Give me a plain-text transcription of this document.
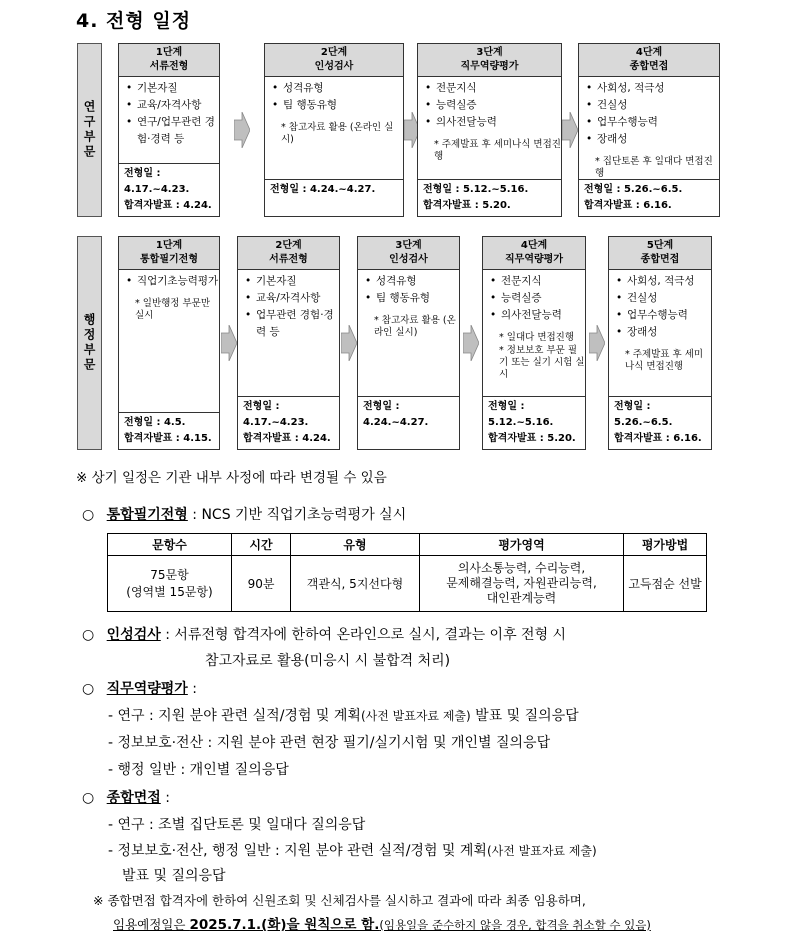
4. 전형 일정
연구부문
행정부문
1단계
서류전형
• 기본자질
• 교육/자격사항
• 연구/업무관련 경험·경력 등
전형일 : 4.17.~4.23.
합격자발표 : 4.24.
2단계
인성검사
• 성격유형
• 팀 행동유형
* 참고자료 활용 (온라인 실시)
전형일 : 4.24.~4.27.
3단계
직무역량평가
• 전문지식
• 능력실증
• 의사전달능력
* 주제발표 후 세미나식 면접진행
전형일 : 5.12.~5.16.
합격자발표 : 5.20.
4단계
종합면접
• 사회성, 적극성
• 건실성
• 업무수행능력
• 장래성
* 집단토론 후 일대다 면접진행
전형일 : 5.26.~6.5.
합격자발표 : 6.16.
1단계
통합필기전형
• 직업기초능력평가
* 일반행정 부문만 실시
전형일 : 4.5.
합격자발표 : 4.15.
2단계
서류전형
• 기본자질
• 교육/자격사항
• 업무관련 경험·경력 등
전형일 : 4.17.~4.23.
합격자발표 : 4.24.
3단계
인성검사
• 성격유형
• 팀 행동유형
* 참고자료 활용 (온라인 실시)
전형일 : 4.24.~4.27.
4단계
직무역량평가
• 전문지식
• 능력실증
• 의사전달능력
* 일대다 면접진행
* 정보보호 부문 필기 또는 실기 시험 실시
전형일 : 5.12.~5.16.
합격자발표 : 5.20.
5단계
종합면접
• 사회성, 적극성
• 건실성
• 업무수행능력
• 장래성
* 주제발표 후 세미나식 면접진행
전형일 : 5.26.~6.5.
합격자발표 : 6.16.
※ 상기 일정은 기관 내부 사정에 따라 변경될 수 있음
○ 통합필기전형 : NCS 기반 직업기초능력평가 실시
문항수	시간	유형	평가영역	평가방법
75문항
(영역별 15문항)	90분	객관식, 5지선다형	의사소통능력, 수리능력,
문제해결능력, 자원관리능력,
대인관계능력	고득점순 선발
○ 인성검사 : 서류전형 합격자에 한하여 온라인으로 실시, 결과는 이후 전형 시
참고자료로 활용(미응시 시 불합격 처리)
○ 직무역량평가 :
- 연구 : 지원 분야 관련 실적/경험 및 계획(사전 발표자료 제출) 발표 및 질의응답
- 정보보호·전산 : 지원 분야 관련 현장 필기/실기시험 및 개인별 질의응답
- 행정 일반 : 개인별 질의응답
○ 종합면접 :
- 연구 : 조별 집단토론 및 일대다 질의응답
- 정보보호·전산, 행정 일반 : 지원 분야 관련 실적/경험 및 계획(사전 발표자료 제출)
발표 및 질의응답
※ 종합면접 합격자에 한하여 신원조회 및 신체검사를 실시하고 결과에 따라 최종 임용하며,
임용예정일은 2025.7.1.(화)을 원칙으로 함.(임용일을 준수하지 않을 경우, 합격을 취소할 수 있음)
